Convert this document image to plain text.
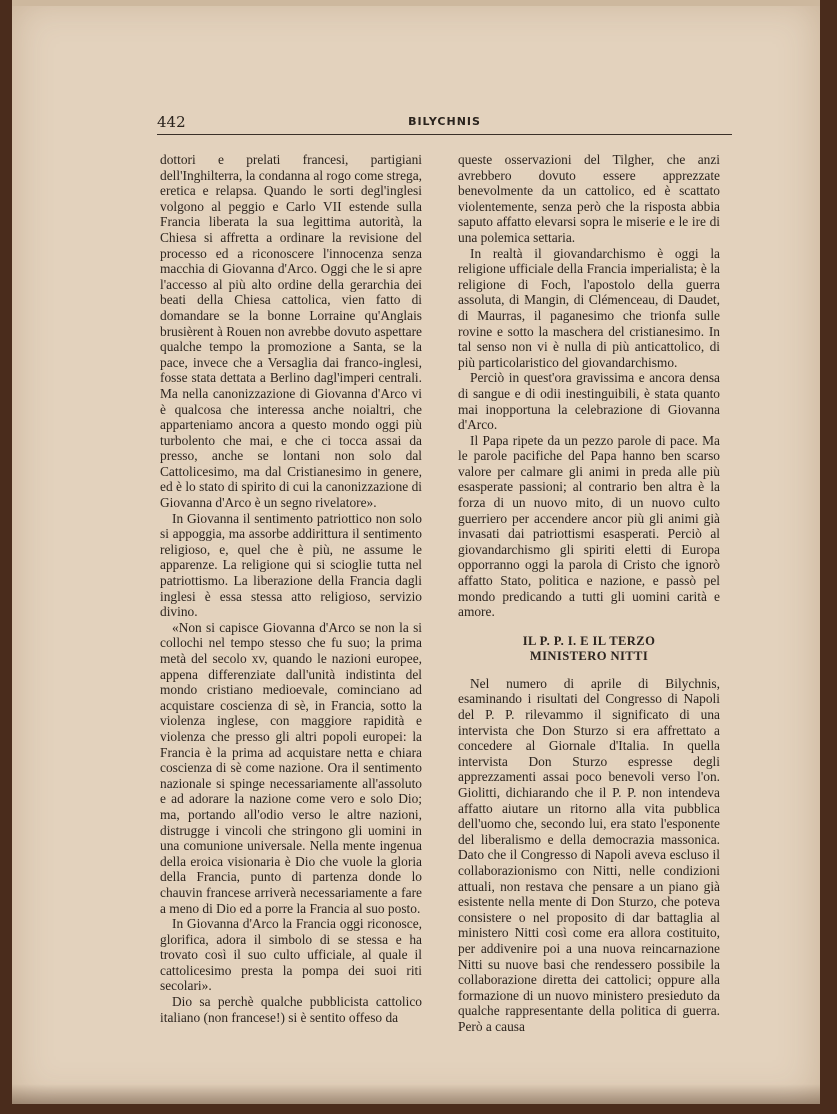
442	BILYCHNIS

dottori e prelati francesi, partigiani dell'Inghilterra, la condanna al rogo come strega, eretica e relapsa. Quando le sorti degl'inglesi volgono al peggio e Carlo VII estende sulla Francia liberata la sua legittima autorità, la Chiesa si affretta a ordinare la revisione del processo ed a riconoscere l'innocenza senza macchia di Giovanna d'Arco. Oggi che le si apre l'accesso al più alto ordine della gerarchia dei beati della Chiesa cattolica, vien fatto di domandare se la bonne Lorraine qu'Anglais brusièrent à Rouen non avrebbe dovuto aspettare qualche tempo la promozione a Santa, se la pace, invece che a Versaglia dai franco-inglesi, fosse stata dettata a Berlino dagl'imperi centrali. Ma nella canonizzazione di Giovanna d'Arco vi è qualcosa che interessa anche noialtri, che apparteniamo ancora a questo mondo oggi più turbolento che mai, e che ci tocca assai da presso, anche se lontani non solo dal Cattolicesimo, ma dal Cristianesimo in genere, ed è lo stato di spirito di cui la canonizzazione di Giovanna d'Arco è un segno rivelatore».

In Giovanna il sentimento patriottico non solo si appoggia, ma assorbe addirittura il sentimento religioso, e, quel che è più, ne assume le apparenze. La religione qui si scioglie tutta nel patriottismo. La liberazione della Francia dagli inglesi è essa stessa atto religioso, servizio divino.

«Non si capisce Giovanna d'Arco se non la si collochi nel tempo stesso che fu suo; la prima metà del secolo xv, quando le nazioni europee, appena differenziate dall'unità indistinta del mondo cristiano medioevale, cominciano ad acquistare coscienza di sè, in Francia, sotto la violenza inglese, con maggiore rapidità e violenza che presso gli altri popoli europei: la Francia è la prima ad acquistare netta e chiara coscienza di sè come nazione. Ora il sentimento nazionale si spinge necessariamente all'assoluto e ad adorare la nazione come vero e solo Dio; ma, portando all'odio verso le altre nazioni, distrugge i vincoli che stringono gli uomini in una comunione universale. Nella mente ingenua della eroica visionaria è Dio che vuole la gloria della Francia, punto di partenza donde lo chauvin francese arriverà necessariamente a fare a meno di Dio ed a porre la Francia al suo posto.

In Giovanna d'Arco la Francia oggi riconosce, glorifica, adora il simbolo di se stessa e ha trovato così il suo culto ufficiale, al quale il cattolicesimo presta la pompa dei suoi riti secolari».

Dio sa perchè qualche pubblicista cattolico italiano (non francese!) si è sentito offeso da

queste osservazioni del Tilgher, che anzi avrebbero dovuto essere apprezzate benevolmente da un cattolico, ed è scattato violentemente, senza però che la risposta abbia saputo affatto elevarsi sopra le miserie e le ire di una polemica settaria.

In realtà il giovandarchismo è oggi la religione ufficiale della Francia imperialista; è la religione di Foch, l'apostolo della guerra assoluta, di Mangin, di Clémenceau, di Daudet, di Maurras, il paganesimo che trionfa sulle rovine e sotto la maschera del cristianesimo. In tal senso non vi è nulla di più anticattolico, di più particolaristico del giovandarchismo.

Perciò in quest'ora gravissima e ancora densa di sangue e di odii inestinguibili, è stata quanto mai inopportuna la celebrazione di Giovanna d'Arco.

Il Papa ripete da un pezzo parole di pace. Ma le parole pacifiche del Papa hanno ben scarso valore per calmare gli animi in preda alle più esasperate passioni; al contrario ben altra è la forza di un nuovo mito, di un nuovo culto guerriero per accendere ancor più gli animi già invasati dai patriottismi esasperati. Perciò al giovandarchismo gli spiriti eletti di Europa opporranno oggi la parola di Cristo che ignorò affatto Stato, politica e nazione, e passò pel mondo predicando a tutti gli uomini carità e amore.

IL P. P. I. E IL TERZO
MINISTERO NITTI

Nel numero di aprile di Bilychnis, esaminando i risultati del Congresso di Napoli del P. P. rilevammo il significato di una intervista che Don Sturzo si era affrettato a concedere al Giornale d'Italia. In quella intervista Don Sturzo espresse degli apprezzamenti assai poco benevoli verso l'on. Giolitti, dichiarando che il P. P. non intendeva affatto aiutare un ritorno alla vita pubblica dell'uomo che, secondo lui, era stato l'esponente del liberalismo e della democrazia massonica. Dato che il Congresso di Napoli aveva escluso il collaborazionismo con Nitti, nelle condizioni attuali, non restava che pensare a un piano già esistente nella mente di Don Sturzo, che poteva consistere o nel proposito di dar battaglia al ministero Nitti così come era allora costituito, per addivenire poi a una nuova reincarnazione Nitti su nuove basi che rendessero possibile la collaborazione diretta dei cattolici; oppure alla formazione di un nuovo ministero presieduto da qualche rappresentante della politica di guerra. Però a causa
